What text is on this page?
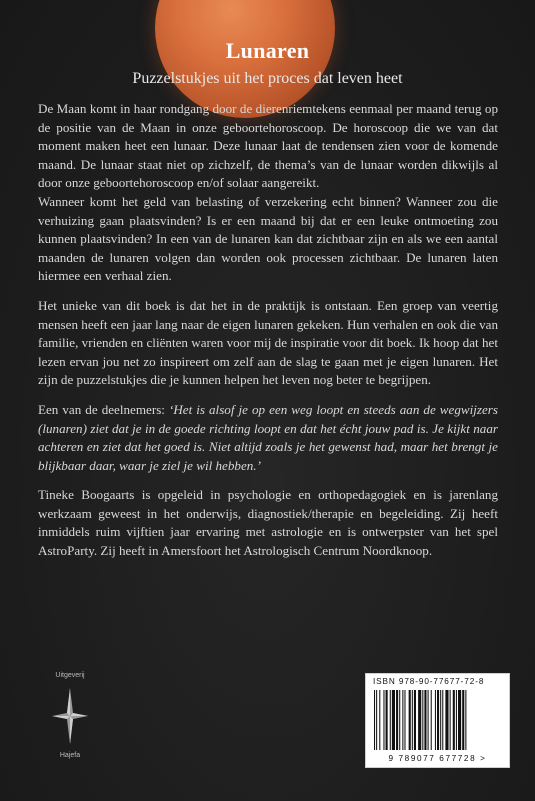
Lunaren
Puzzelstukjes uit het proces dat leven heet

De Maan komt in haar rondgang door de dierenriemtekens eenmaal per maand terug op de positie van de Maan in onze geboortehoroscoop. De horoscoop die we van dat moment maken heet een lunaar. Deze lunaar laat de tendensen zien voor de komende maand. De lunaar staat niet op zichzelf, de thema’s van de lunaar worden dikwijls al door onze geboortehoroscoop en/of solaar aangereikt.

Wanneer komt het geld van belasting of verzekering echt binnen? Wanneer zou die verhuizing gaan plaatsvinden? Is er een maand bij dat er een leuke ontmoeting zou kunnen plaatsvinden? In een van de lunaren kan dat zichtbaar zijn en als we een aantal maanden de lunaren volgen dan worden ook processen zichtbaar. De lunaren laten hiermee een verhaal zien.

Het unieke van dit boek is dat het in de praktijk is ontstaan. Een groep van veertig mensen heeft een jaar lang naar de eigen lunaren gekeken. Hun verhalen en ook die van familie, vrienden en cliënten waren voor mij de inspiratie voor dit boek. Ik hoop dat het lezen ervan jou net zo inspireert om zelf aan de slag te gaan met je eigen lunaren. Het zijn de puzzelstukjes die je kunnen helpen het leven nog beter te begrijpen.

Een van de deelnemers: ‘Het is alsof je op een weg loopt en steeds aan de wegwijzers (lunaren) ziet dat je in de goede richting loopt en dat het écht jouw pad is. Je kijkt naar achteren en ziet dat het goed is. Niet altijd zoals je het gewenst had, maar het brengt je blijkbaar daar, waar je ziel je wil hebben.’

Tineke Boogaarts is opgeleid in psychologie en orthopedagogiek en is jarenlang werkzaam geweest in het onderwijs, diagnostiek/therapie en begeleiding. Zij heeft inmiddels ruim vijftien jaar ervaring met astrologie en is ontwerpster van het spel AstroParty. Zij heeft in Amersfoort het Astrologisch Centrum Noordknoop.

Uitgeverij
Hajefa
ISBN 978-90-77677-72-8
9 789077 677728 >
